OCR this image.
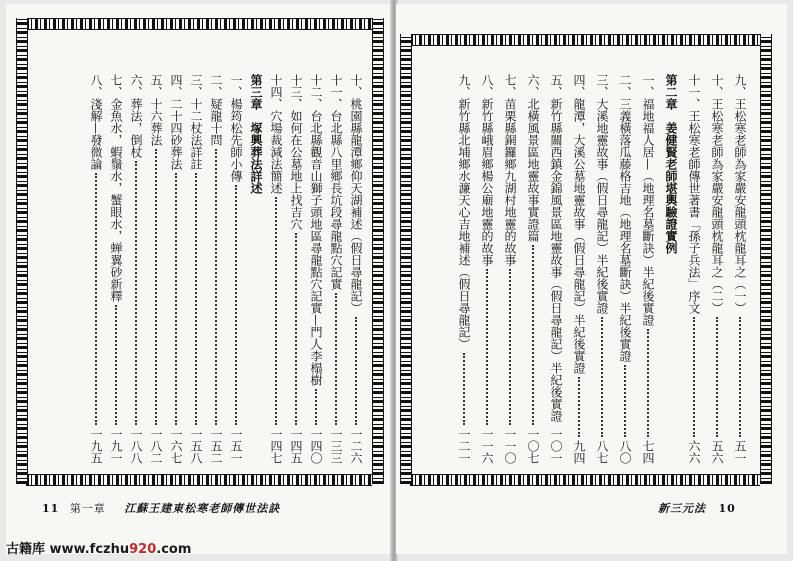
十、桃園縣龍潭鄉仰天湖補述（假日尋龍記）
一二六
十一、台北縣八里鄉長坑段尋龍點穴記實
一三三
十二、台北縣觀音山獅子頭地區尋龍點穴記實—門人李榻樹
一四〇
十三、如何在公墓地上找吉穴
一四五
十四、穴場裁減法簡述
一四七
第三章　塚興葬法詳述
一、楊筠松先師小傳
一五一
二、疑龍十問
一五二
三、十二杖法詳註
一五八
四、二十四砂葬法
一六七
五、十六葬法
一八二
六、葬法，倒杖
一八八
七、金魚水，蝦鬚水，蟹眼水，蝉翼砂新釋
一九一
八、淺解—發微論
一九五
11 第一章 江蘇王建東松寒老師傳世法訣
九、王松寒老師為家嚴安龍頭枕龍耳之（一）
五一
十、王松寒老師為家嚴安龍頭枕龍耳之（二）
五六
十一、王松寒老師傳世著書「孫子兵法」序文
六六
第二章　姜健賢老師堪輿驗證實例
一、福地福人居—（地理名墓斷訣）半紀後實證
七四
二、三義橫落瓜藤格吉地（地理名墓斷訣）半紀後實證
八〇
三、大溪地靈故事（假日尋龍記）半紀後實證
八七
四、龍潭，大溪公墓地靈故事（假日尋龍記）半紀後實證
九四
五、新竹縣關西鎮金錦風景區地靈故事（假日尋龍記）半紀後實證
一〇一
六、北橫風景區地靈故事實證篇
一〇七
七、苗栗縣銅鑼鄉九湖村地靈的故事
一一〇
八、新竹縣峨眉鄉楊公廟地靈的故事
一一六
九、新竹縣北埔鄉水濂天心吉地補述（假日尋龍記）
一二一
新三元法 10
古籍库 www.fczhu920.com
